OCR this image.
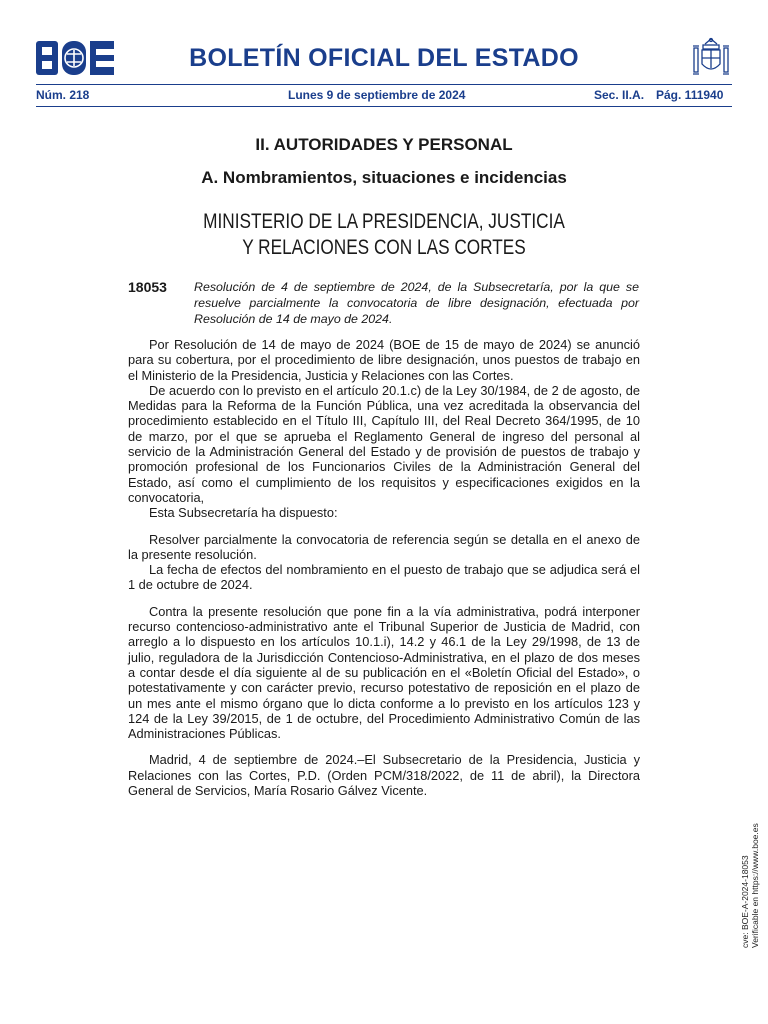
BOLETÍN OFICIAL DEL ESTADO
Núm. 218	Lunes 9 de septiembre de 2024	Sec. II.A. Pág. 111940
II. AUTORIDADES Y PERSONAL
A. Nombramientos, situaciones e incidencias
MINISTERIO DE LA PRESIDENCIA, JUSTICIA
Y RELACIONES CON LAS CORTES
18053 Resolución de 4 de septiembre de 2024, de la Subsecretaría, por la que se resuelve parcialmente la convocatoria de libre designación, efectuada por Resolución de 14 de mayo de 2024.

Por Resolución de 14 de mayo de 2024 (BOE de 15 de mayo de 2024) se anunció para su cobertura, por el procedimiento de libre designación, unos puestos de trabajo en el Ministerio de la Presidencia, Justicia y Relaciones con las Cortes.

De acuerdo con lo previsto en el artículo 20.1.c) de la Ley 30/1984, de 2 de agosto, de Medidas para la Reforma de la Función Pública, una vez acreditada la observancia del procedimiento establecido en el Título III, Capítulo III, del Real Decreto 364/1995, de 10 de marzo, por el que se aprueba el Reglamento General de ingreso del personal al servicio de la Administración General del Estado y de provisión de puestos de trabajo y promoción profesional de los Funcionarios Civiles de la Administración General del Estado, así como el cumplimiento de los requisitos y especificaciones exigidos en la convocatoria,

Esta Subsecretaría ha dispuesto:

Resolver parcialmente la convocatoria de referencia según se detalla en el anexo de la presente resolución.

La fecha de efectos del nombramiento en el puesto de trabajo que se adjudica será el 1 de octubre de 2024.

Contra la presente resolución que pone fin a la vía administrativa, podrá interponer recurso contencioso-administrativo ante el Tribunal Superior de Justicia de Madrid, con arreglo a lo dispuesto en los artículos 10.1.i), 14.2 y 46.1 de la Ley 29/1998, de 13 de julio, reguladora de la Jurisdicción Contencioso-Administrativa, en el plazo de dos meses a contar desde el día siguiente al de su publicación en el «Boletín Oficial del Estado», o potestativamente y con carácter previo, recurso potestativo de reposición en el plazo de un mes ante el mismo órgano que lo dicta conforme a lo previsto en los artículos 123 y 124 de la Ley 39/2015, de 1 de octubre, del Procedimiento Administrativo Común de las Administraciones Públicas.

Madrid, 4 de septiembre de 2024.–El Subsecretario de la Presidencia, Justicia y Relaciones con las Cortes, P.D. (Orden PCM/318/2022, de 11 de abril), la Directora General de Servicios, María Rosario Gálvez Vicente.

cve: BOE-A-2024-18053 Verificable en https://www.boe.es
